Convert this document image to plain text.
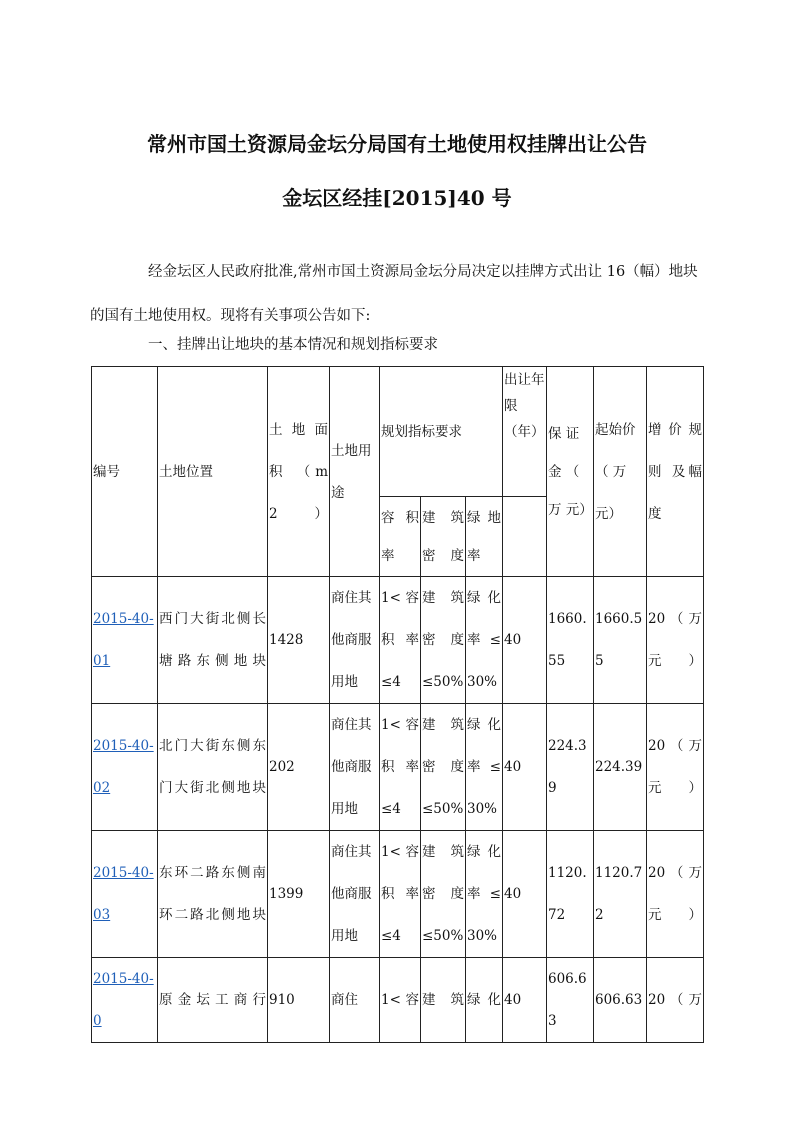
常州市国土资源局金坛分局国有土地使用权挂牌出让公告
金坛区经挂[2015]40 号
经金坛区人民政府批准,常州市国土资源局金坛分局决定以挂牌方式出让 16（幅）地块的国有土地使用权。现将有关事项公告如下:
一、挂牌出让地块的基本情况和规划指标要求
编号	土地位置	土 地 面 积 （m2）	土地用途	规划指标要求			出让年限（年）	保 证 金 （ 万 元）	起始价（ 万元）	增 价 规 则 及幅度
				容 积 率	建 筑 密度	绿 地 率				
2015-40-01	西门大街北侧长塘路东侧地块	1428	商住其他商服用地	1< 容积 率≤4	建 筑密 度≤50%	绿 化率 ≤30%	40	1660.55	1660.55	20 （ 万元）
2015-40-02	北门大街东侧东门大街北侧地块	202	商住其他商服用地	1< 容积 率≤4	建 筑密 度≤50%	绿 化率 ≤30%	40	224.39	224.39	20 （ 万元）
2015-40-03	东环二路东侧南环二路北侧地块	1399	商住其他商服用地	1< 容积 率≤4	建 筑密 度≤50%	绿 化率 ≤30%	40	1120.72	1120.72	20 （ 万元）
2015-40-0	原金坛工商行	910	商住	1< 容	建 筑	绿 化	40	606.63	606.63	20 （ 万
